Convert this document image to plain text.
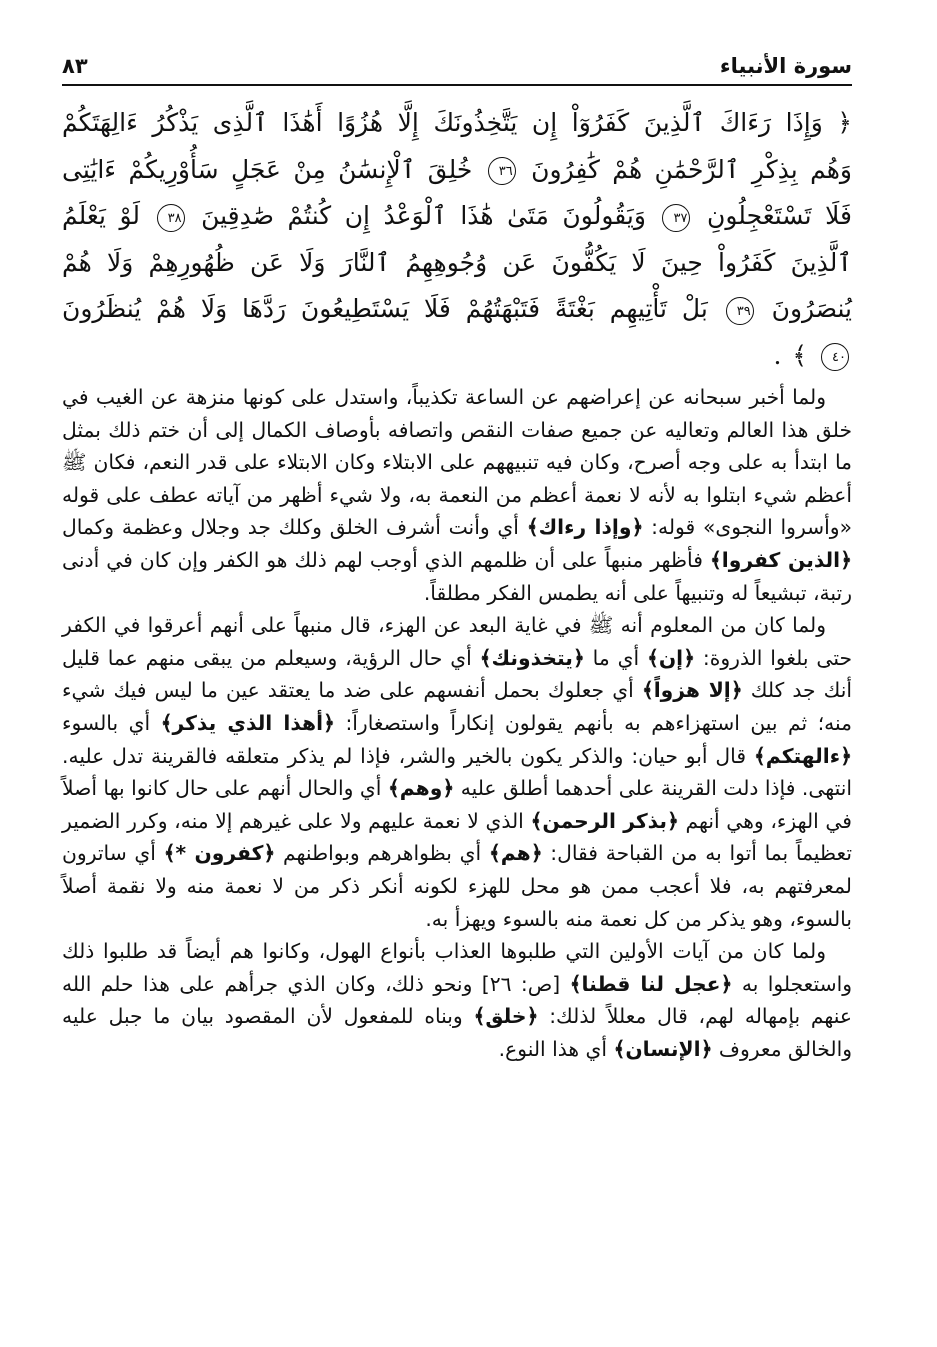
سورة الأنبياء
٨٣
﴿ وَإِذَا رَءَاكَ ٱلَّذِينَ كَفَرُوٓاْ إِن يَتَّخِذُونَكَ إِلَّا هُزُوًا أَهَٰذَا ٱلَّذِى يَذْكُرُ ءَالِهَتَكُمْ وَهُم بِذِكْرِ ٱلرَّحْمَٰنِ هُمْ كَٰفِرُونَ ٣٦ خُلِقَ ٱلْإِنسَٰنُ مِنْ عَجَلٍ سَأُوْرِيكُمْ ءَايَٰتِى فَلَا تَسْتَعْجِلُونِ ٣٧ وَيَقُولُونَ مَتَىٰ هَٰذَا ٱلْوَعْدُ إِن كُنتُمْ صَٰدِقِينَ ٣٨ لَوْ يَعْلَمُ ٱلَّذِينَ كَفَرُواْ حِينَ لَا يَكُفُّونَ عَن وُجُوهِهِمُ ٱلنَّارَ وَلَا عَن ظُهُورِهِمْ وَلَا هُمْ يُنصَرُونَ ٣٩ بَلْ تَأْتِيهِم بَغْتَةً فَتَبْهَتُهُمْ فَلَا يَسْتَطِيعُونَ رَدَّهَا وَلَا هُمْ يُنظَرُونَ ٤٠ ﴾ .

ولما أخبر سبحانه عن إعراضهم عن الساعة تكذيباً، واستدل على كونها منزهة عن الغيب في خلق هذا العالم وتعاليه عن جميع صفات النقص واتصافه بأوصاف الكمال إلى أن ختم ذلك بمثل ما ابتدأ به على وجه أصرح، وكان فيه تنبيههم على الابتلاء وكان الابتلاء على قدر النعم، فكان ﷺ أعظم شيء ابتلوا به لأنه لا نعمة أعظم من النعمة به، ولا شيء أظهر من آياته عطف على قوله «وأسروا النجوى» قوله: ﴿وإذا رءاك﴾ أي وأنت أشرف الخلق وكلك جد وجلال وعظمة وكمال ﴿الذين كفروا﴾ فأظهر منبهاً على أن ظلمهم الذي أوجب لهم ذلك هو الكفر وإن كان في أدنى رتبة، تبشيعاً له وتنبيهاً على أنه يطمس الفكر مطلقاً.

ولما كان من المعلوم أنه ﷺ في غاية البعد عن الهزء، قال منبهاً على أنهم أعرقوا في الكفر حتى بلغوا الذروة: ﴿إن﴾ أي ما ﴿يتخذونك﴾ أي حال الرؤية، وسيعلم من يبقى منهم عما قليل أنك جد كلك ﴿إلا هزواً﴾ أي جعلوك بحمل أنفسهم على ضد ما يعتقد عين ما ليس فيك شيء منه؛ ثم بين استهزاءهم به بأنهم يقولون إنكاراً واستصغاراً: ﴿أهذا الذي يذكر﴾ أي بالسوء ﴿ءالهتكم﴾ قال أبو حيان: والذكر يكون بالخير والشر، فإذا لم يذكر متعلقه فالقرينة تدل عليه. انتهى. فإذا دلت القرينة على أحدهما أطلق عليه ﴿وهم﴾ أي والحال أنهم على حال كانوا بها أصلاً في الهزء، وهي أنهم ﴿بذكر الرحمن﴾ الذي لا نعمة عليهم ولا على غيرهم إلا منه، وكرر الضمير تعظيماً بما أتوا به من القباحة فقال: ﴿هم﴾ أي بظواهرهم وبواطنهم ﴿كفرون *﴾ أي ساترون لمعرفتهم به، فلا أعجب ممن هو محل للهزء لكونه أنكر ذكر من لا نعمة منه ولا نقمة أصلاً بالسوء، وهو يذكر من كل نعمة منه بالسوء ويهزأ به.

ولما كان من آيات الأولين التي طلبوها العذاب بأنواع الهول، وكانوا هم أيضاً قد طلبوا ذلك واستعجلوا به ﴿عجل لنا قطنا﴾ [ص: ٢٦] ونحو ذلك، وكان الذي جرأهم على هذا حلم الله عنهم بإمهاله لهم، قال معللاً لذلك: ﴿خلق﴾ وبناه للمفعول لأن المقصود بيان ما جبل عليه والخالق معروف ﴿الإنسان﴾ أي هذا النوع.
